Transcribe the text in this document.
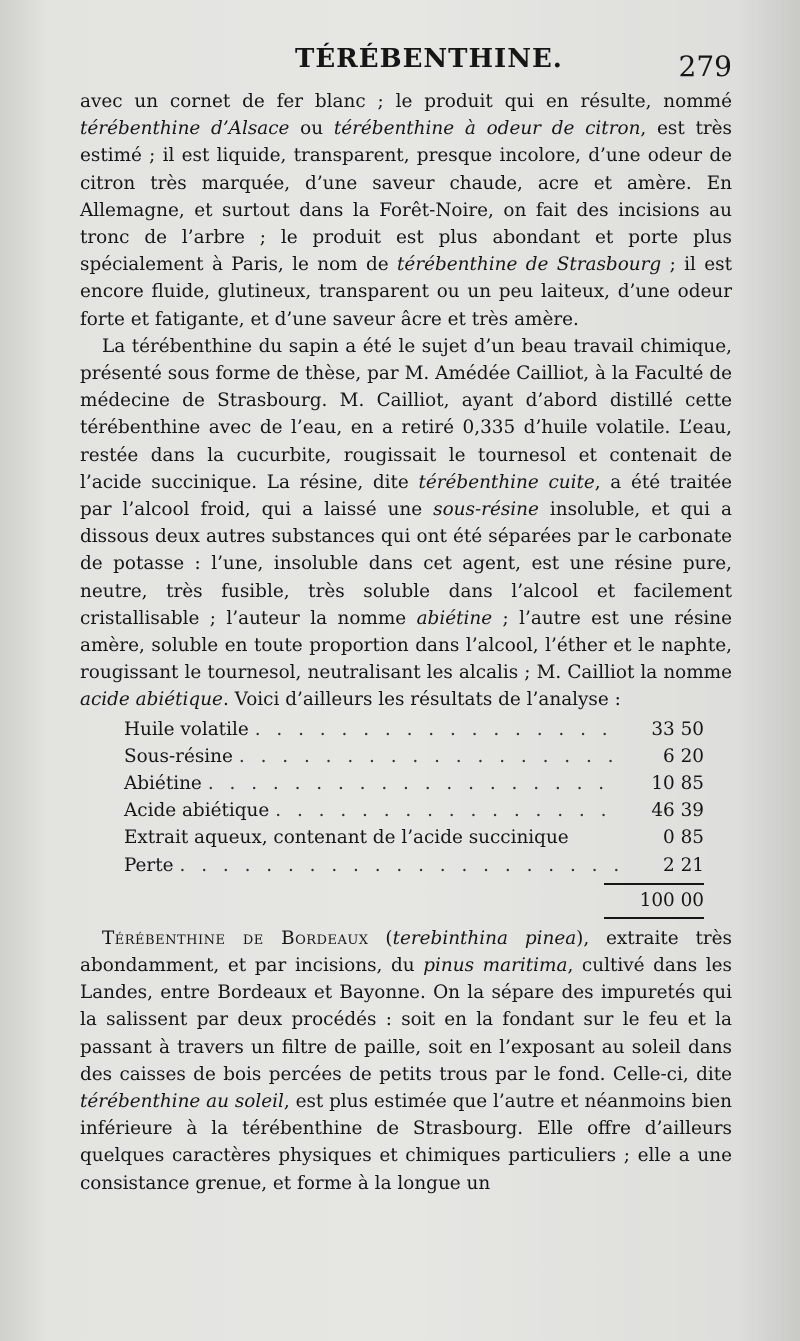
TÉRÉBENTHINE.	279

avec un cornet de fer blanc ; le produit qui en résulte, nommé térébenthine d’Alsace ou térébenthine à odeur de citron, est très estimé ; il est liquide, transparent, presque incolore, d’une odeur de citron très marquée, d’une saveur chaude, acre et amère. En Allemagne, et surtout dans la Forêt-Noire, on fait des incisions au tronc de l’arbre ; le produit est plus abondant et porte plus spécialement à Paris, le nom de térébenthine de Strasbourg ; il est encore fluide, glutineux, transparent ou un peu laiteux, d’une odeur forte et fatigante, et d’une saveur âcre et très amère.

La térébenthine du sapin a été le sujet d’un beau travail chimique, présenté sous forme de thèse, par M. Amédée Cailliot, à la Faculté de médecine de Strasbourg. M. Cailliot, ayant d’abord distillé cette térébenthine avec de l’eau, en a retiré 0,335 d’huile volatile. L’eau, restée dans la cucurbite, rougissait le tournesol et contenait de l’acide succinique. La résine, dite térébenthine cuite, a été traitée par l’alcool froid, qui a laissé une sous-résine insoluble, et qui a dissous deux autres substances qui ont été séparées par le carbonate de potasse : l’une, insoluble dans cet agent, est une résine pure, neutre, très fusible, très soluble dans l’alcool et facilement cristallisable ; l’auteur la nomme abiétine ; l’autre est une résine amère, soluble en toute proportion dans l’alcool, l’éther et le naphte, rougissant le tournesol, neutralisant les alcalis ; M. Cailliot la nomme acide abiétique. Voici d’ailleurs les résultats de l’analyse :

Huile volatile . . .	33 50
Sous-résine . . .	6 20
Abiétine . . .	10 85
Acide abiétique . . .	46 39
Extrait aqueux, contenant de l’acide succinique	0 85
Perte . . .	2 21
100 00

Térébenthine de Bordeaux (terebinthina pinea), extraite très abondamment, et par incisions, du pinus maritima, cultivé dans les Landes, entre Bordeaux et Bayonne. On la sépare des impuretés qui la salissent par deux procédés : soit en la fondant sur le feu et la passant à travers un filtre de paille, soit en l’exposant au soleil dans des caisses de bois percées de petits trous par le fond. Celle-ci, dite térébenthine au soleil, est plus estimée que l’autre et néanmoins bien inférieure à la térébenthine de Strasbourg. Elle offre d’ailleurs quelques caractères physiques et chimiques particuliers ; elle a une consistance grenue, et forme à la longue un
